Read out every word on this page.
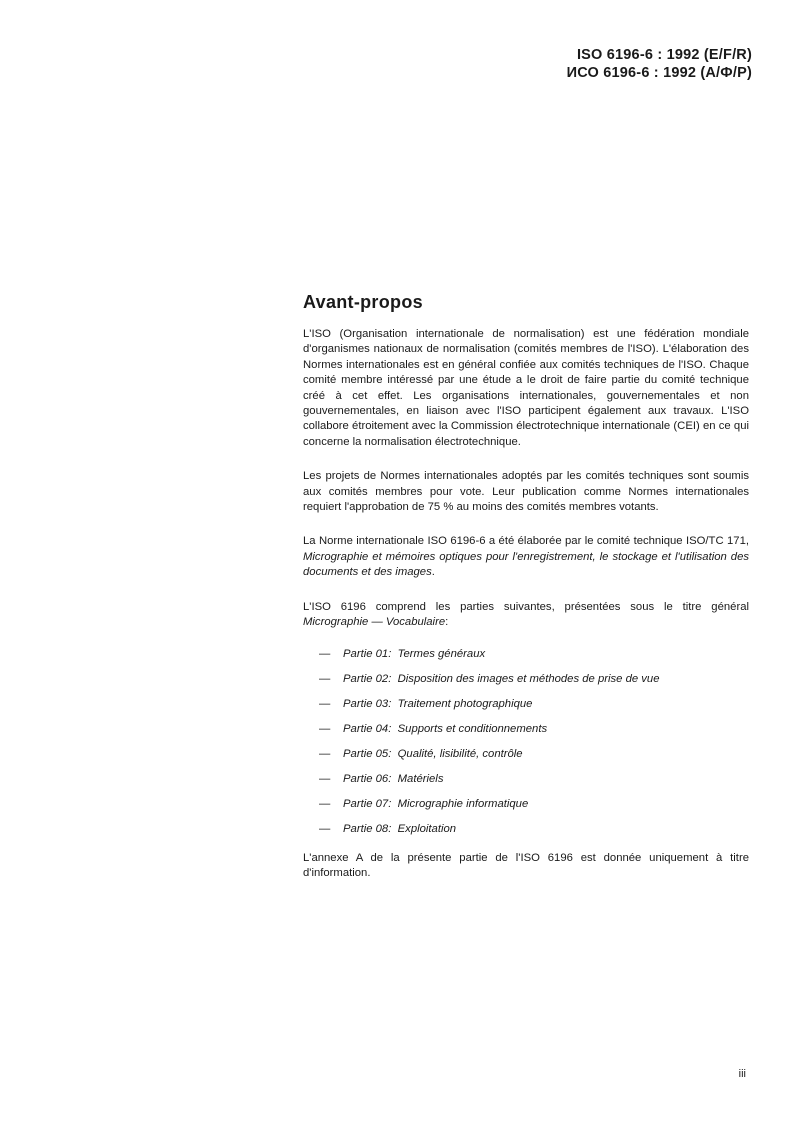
ISO 6196-6 : 1992 (E/F/R)
ИСО 6196-6 : 1992 (А/Ф/Р)
Avant-propos

L'ISO (Organisation internationale de normalisation) est une fédération mondiale d'organismes nationaux de normalisation (comités membres de l'ISO). L'élaboration des Normes internationales est en général confiée aux comités techniques de l'ISO. Chaque comité membre intéressé par une étude a le droit de faire partie du comité technique créé à cet effet. Les organisations internationales, gouvernementales et non gouvernementales, en liaison avec l'ISO participent également aux travaux. L'ISO collabore étroitement avec la Commission électrotechnique internationale (CEI) en ce qui concerne la normalisation électrotechnique.

Les projets de Normes internationales adoptés par les comités techniques sont soumis aux comités membres pour vote. Leur publication comme Normes internationales requiert l'approbation de 75 % au moins des comités membres votants.

La Norme internationale ISO 6196-6 a été élaborée par le comité technique ISO/TC 171, Micrographie et mémoires optiques pour l'enregistrement, le stockage et l'utilisation des documents et des images.

L'ISO 6196 comprend les parties suivantes, présentées sous le titre général Micrographie — Vocabulaire:

— Partie 01: Termes généraux
— Partie 02: Disposition des images et méthodes de prise de vue
— Partie 03: Traitement photographique
— Partie 04: Supports et conditionnements
— Partie 05: Qualité, lisibilité, contrôle
— Partie 06: Matériels
— Partie 07: Micrographie informatique
— Partie 08: Exploitation

L'annexe A de la présente partie de l'ISO 6196 est donnée uniquement à titre d'information.

iii
